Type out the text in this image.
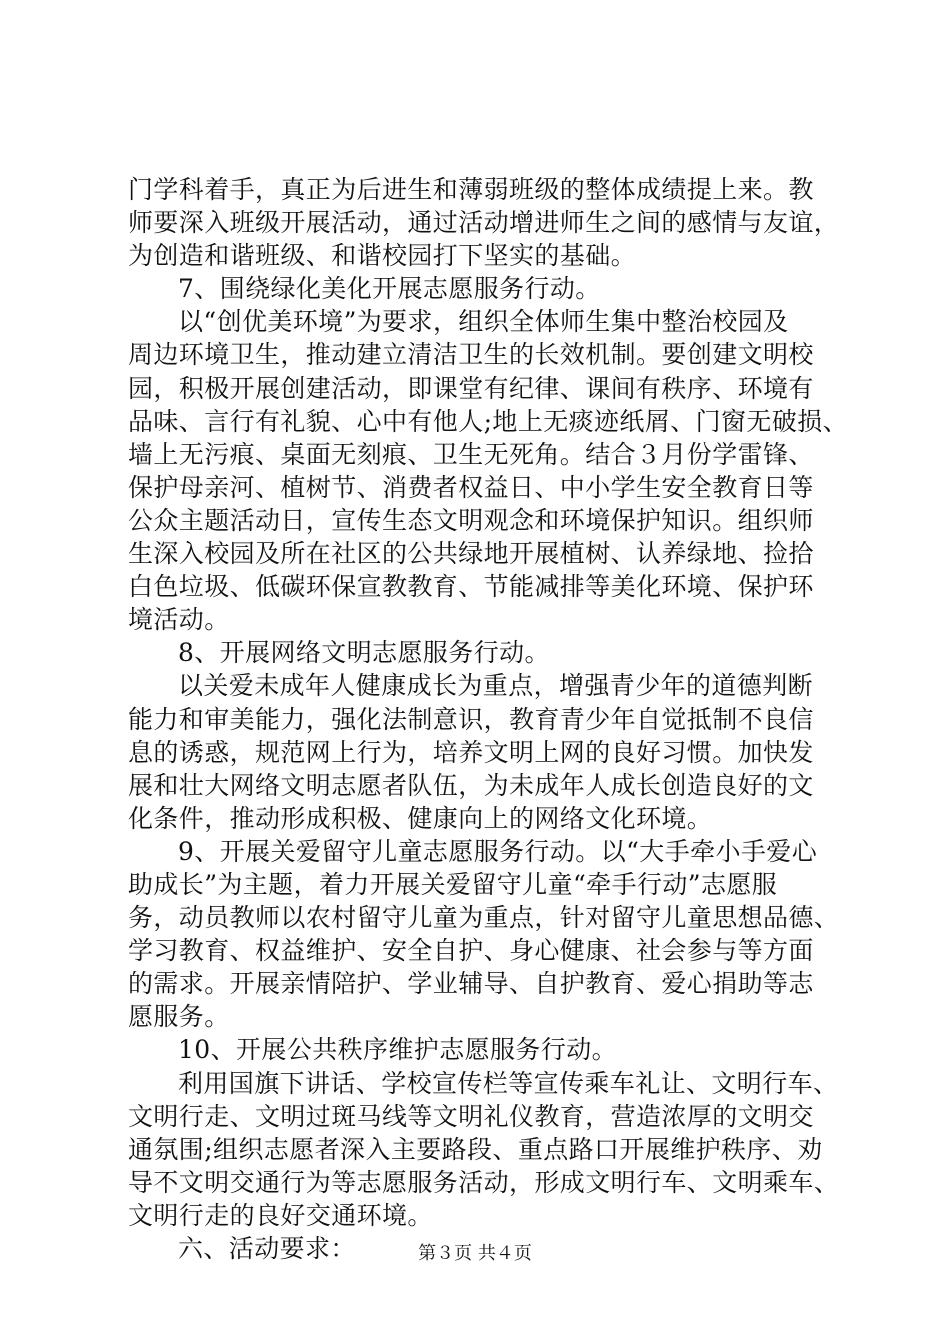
门学科着手，真正为后进生和薄弱班级的整体成绩提上来。教
师要深入班级开展活动，通过活动增进师生之间的感情与友谊，
为创造和谐班级、和谐校园打下坚实的基础。
7、围绕绿化美化开展志愿服务行动。
以“创优美环境”为要求，组织全体师生集中整治校园及
周边环境卫生，推动建立清洁卫生的长效机制。要创建文明校
园，积极开展创建活动，即课堂有纪律、课间有秩序、环境有
品味、言行有礼貌、心中有他人;地上无痰迹纸屑、门窗无破损、
墙上无污痕、桌面无刻痕、卫生无死角。结合３月份学雷锋、
保护母亲河、植树节、消费者权益日、中小学生安全教育日等
公众主题活动日，宣传生态文明观念和环境保护知识。组织师
生深入校园及所在社区的公共绿地开展植树、认养绿地、捡拾
白色垃圾、低碳环保宣教教育、节能减排等美化环境、保护环
境活动。
8、开展网络文明志愿服务行动。
以关爱未成年人健康成长为重点，增强青少年的道德判断
能力和审美能力，强化法制意识，教育青少年自觉抵制不良信
息的诱惑，规范网上行为，培养文明上网的良好习惯。加快发
展和壮大网络文明志愿者队伍，为未成年人成长创造良好的文
化条件，推动形成积极、健康向上的网络文化环境。
9、开展关爱留守儿童志愿服务行动。以“大手牵小手爱心
助成长”为主题，着力开展关爱留守儿童“牵手行动”志愿服
务，动员教师以农村留守儿童为重点，针对留守儿童思想品德、
学习教育、权益维护、安全自护、身心健康、社会参与等方面
的需求。开展亲情陪护、学业辅导、自护教育、爱心捐助等志
愿服务。
10、开展公共秩序维护志愿服务行动。
利用国旗下讲话、学校宣传栏等宣传乘车礼让、文明行车、
文明行走、文明过斑马线等文明礼仪教育，营造浓厚的文明交
通氛围;组织志愿者深入主要路段、重点路口开展维护秩序、劝
导不文明交通行为等志愿服务活动，形成文明行车、文明乘车、
文明行走的良好交通环境。
六、活动要求：	第３页 共４页
